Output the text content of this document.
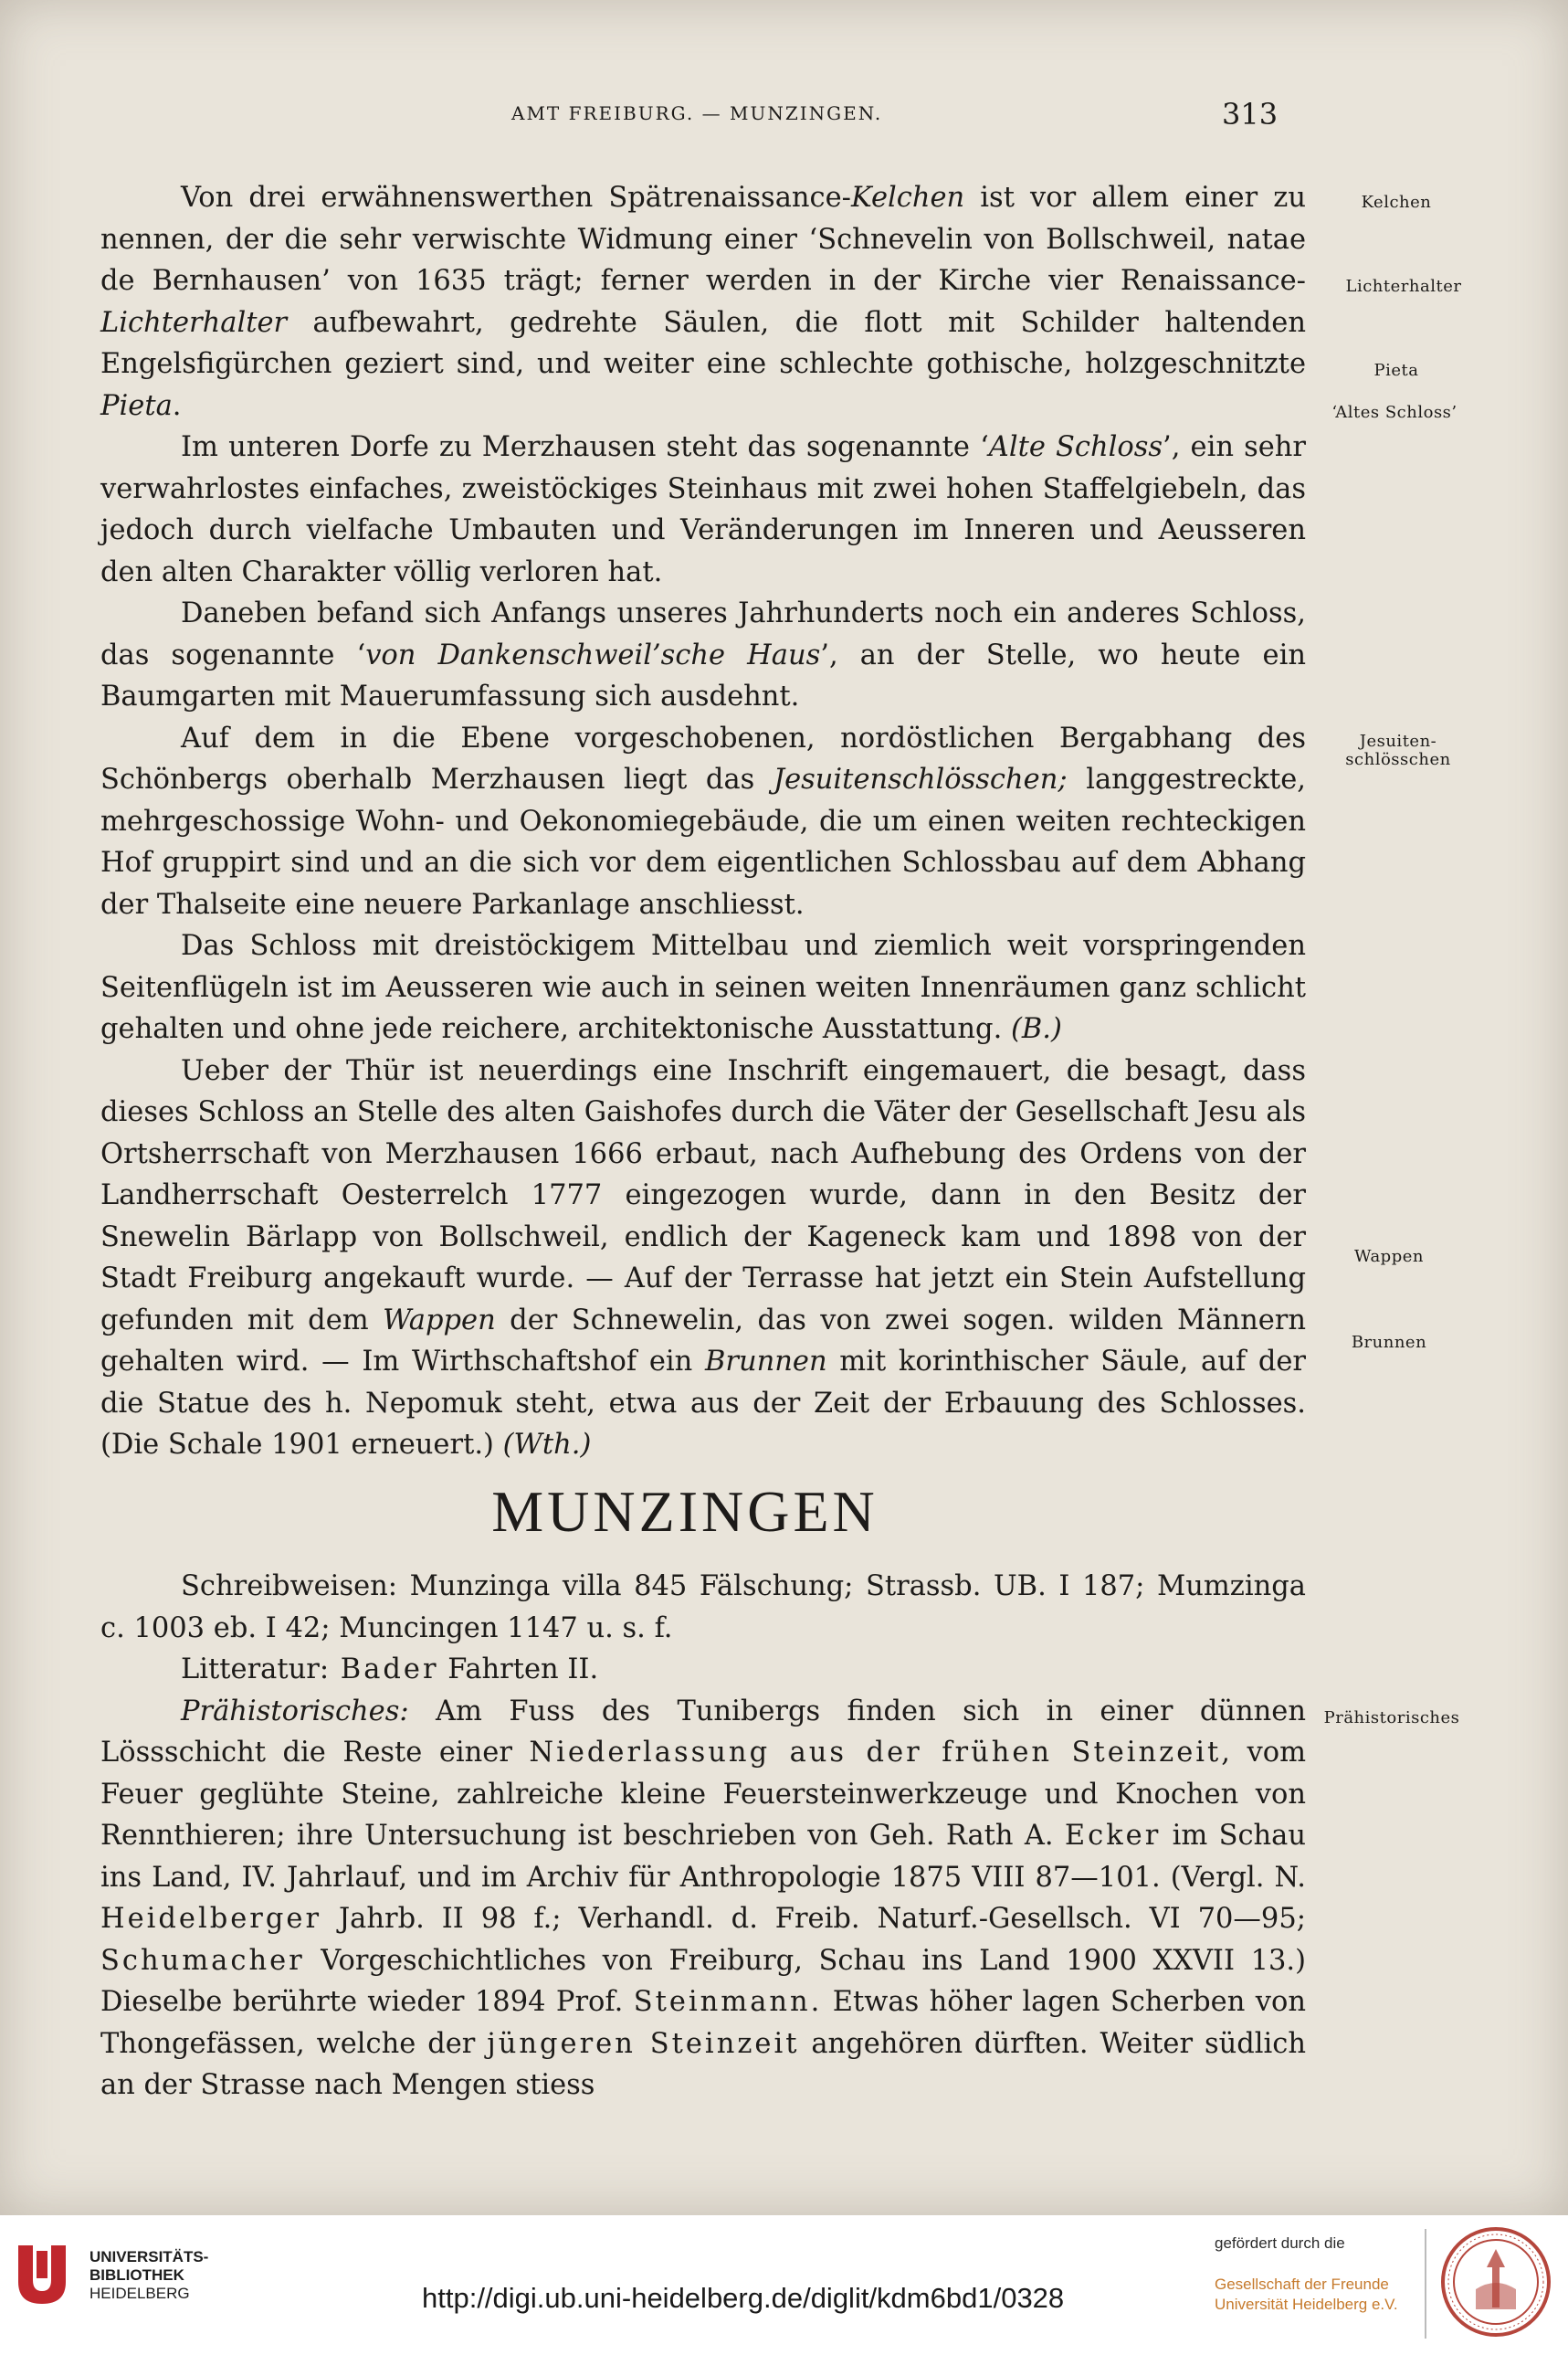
AMT FREIBURG. — MUNZINGEN.	313
Kelchen
Lichterhalter
Pieta
‘Altes Schloss’
Jesuiten-
schlösschen
Wappen
Brunnen
Prähistorisches

Von drei erwähnenswerthen Spätrenaissance-Kelchen ist vor allem einer zu nennen, der die sehr verwischte Widmung einer ‘Schnevelin von Bollschweil, natae de Bernhausen’ von 1635 trägt; ferner werden in der Kirche vier Renaissance-Lichterhalter aufbewahrt, gedrehte Säulen, die flott mit Schilder haltenden Engelsfigürchen geziert sind, und weiter eine schlechte gothische, holzgeschnitzte Pieta.

Im unteren Dorfe zu Merzhausen steht das sogenannte ‘Alte Schloss’, ein sehr verwahrlostes einfaches, zweistöckiges Steinhaus mit zwei hohen Staffelgiebeln, das jedoch durch vielfache Umbauten und Veränderungen im Inneren und Aeusseren den alten Charakter völlig verloren hat.

Daneben befand sich Anfangs unseres Jahrhunderts noch ein anderes Schloss, das sogenannte ‘von Dankenschweil’sche Haus’, an der Stelle, wo heute ein Baumgarten mit Mauerumfassung sich ausdehnt.

Auf dem in die Ebene vorgeschobenen, nordöstlichen Bergabhang des Schönbergs oberhalb Merzhausen liegt das Jesuitenschlösschen; langgestreckte, mehrgeschossige Wohn- und Oekonomiegebäude, die um einen weiten rechteckigen Hof gruppirt sind und an die sich vor dem eigentlichen Schlossbau auf dem Abhang der Thalseite eine neuere Parkanlage anschliesst.

Das Schloss mit dreistöckigem Mittelbau und ziemlich weit vorspringenden Seitenflügeln ist im Aeusseren wie auch in seinen weiten Innenräumen ganz schlicht gehalten und ohne jede reichere, architektonische Ausstattung. (B.)

Ueber der Thür ist neuerdings eine Inschrift eingemauert, die besagt, dass dieses Schloss an Stelle des alten Gaishofes durch die Väter der Gesellschaft Jesu als Ortsherrschaft von Merzhausen 1666 erbaut, nach Aufhebung des Ordens von der Landherrschaft Oesterrelch 1777 eingezogen wurde, dann in den Besitz der Snewelin Bärlapp von Bollschweil, endlich der Kageneck kam und 1898 von der Stadt Freiburg angekauft wurde. — Auf der Terrasse hat jetzt ein Stein Aufstellung gefunden mit dem Wappen der Schnewelin, das von zwei sogen. wilden Männern gehalten wird. — Im Wirthschaftshof ein Brunnen mit korinthischer Säule, auf der die Statue des h. Nepomuk steht, etwa aus der Zeit der Erbauung des Schlosses. (Die Schale 1901 erneuert.) (Wth.)

MUNZINGEN

Schreibweisen: Munzinga villa 845 Fälschung; Strassb. UB. I 187; Mumzinga c. 1003 eb. I 42; Muncingen 1147 u. s. f.

Litteratur: Bader Fahrten II.

Prähistorisches: Am Fuss des Tunibergs finden sich in einer dünnen Lössschicht die Reste einer Niederlassung aus der frühen Steinzeit, vom Feuer geglühte Steine, zahlreiche kleine Feuersteinwerkzeuge und Knochen von Rennthieren; ihre Untersuchung ist beschrieben von Geh. Rath A. Ecker im Schau ins Land, IV. Jahrlauf, und im Archiv für Anthropologie 1875 VIII 87—101. (Vergl. N. Heidelberger Jahrb. II 98 f.; Verhandl. d. Freib. Naturf.-Gesellsch. VI 70—95; Schumacher Vorgeschichtliches von Freiburg, Schau ins Land 1900 XXVII 13.) Dieselbe berührte wieder 1894 Prof. Steinmann. Etwas höher lagen Scherben von Thongefässen, welche der jüngeren Steinzeit angehören dürften. Weiter südlich an der Strasse nach Mengen stiess

UNIVERSITÄTS-
BIBLIOTHEK
HEIDELBERG	http://digi.ub.uni-heidelberg.de/diglit/kdm6bd1/0328
gefördert durch die
Gesellschaft der Freunde
Universität Heidelberg e.V.
